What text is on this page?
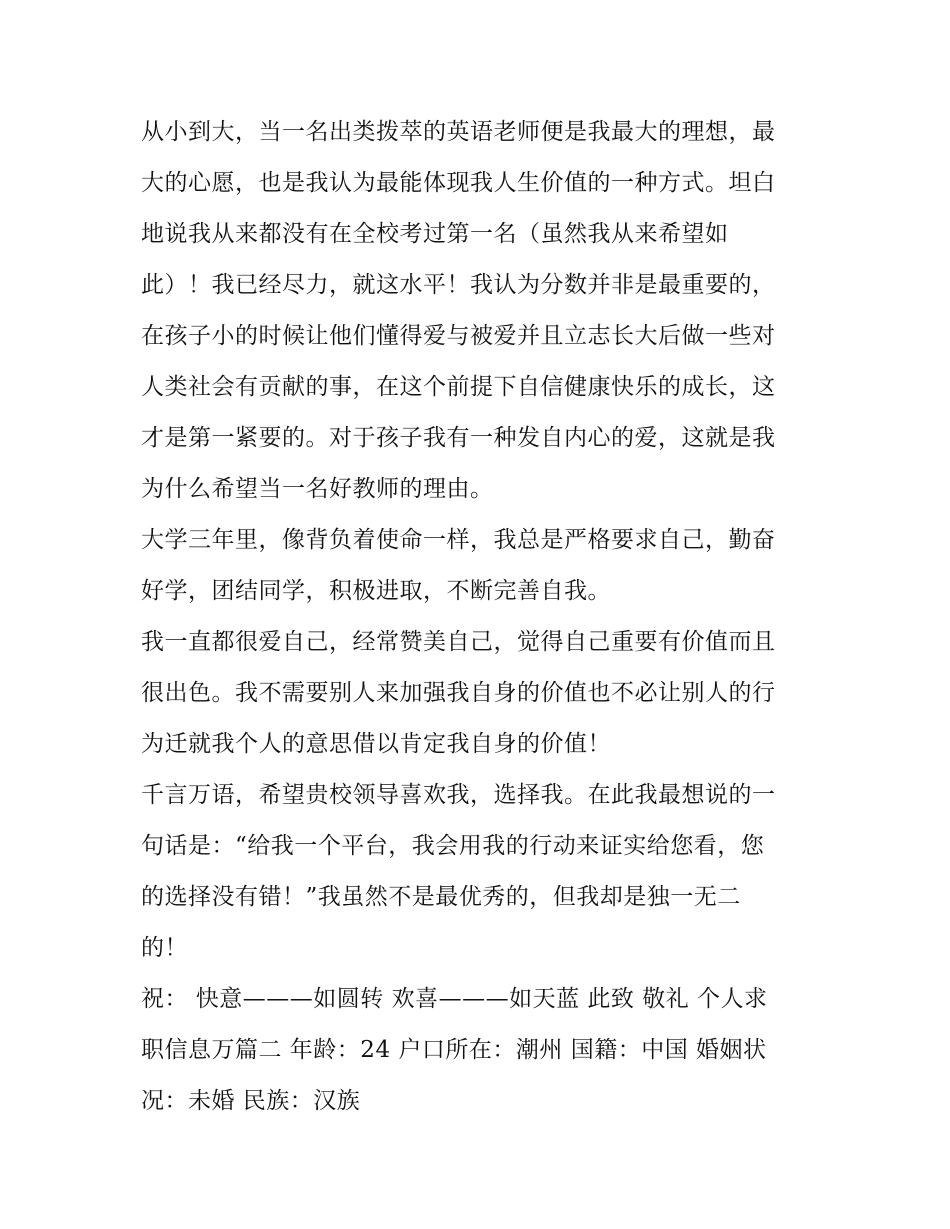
从小到大，当一名出类拨萃的英语老师便是我最大的理想，最
大的心愿，也是我认为最能体现我人生价值的一种方式。坦白
地说我从来都没有在全校考过第一名（虽然我从来希望如
此）！我已经尽力，就这水平！我认为分数并非是最重要的，
在孩子小的时候让他们懂得爱与被爱并且立志长大后做一些对
人类社会有贡献的事，在这个前提下自信健康快乐的成长，这
才是第一紧要的。对于孩子我有一种发自内心的爱，这就是我
为什么希望当一名好教师的理由。
大学三年里，像背负着使命一样，我总是严格要求自己，勤奋
好学，团结同学，积极进取，不断完善自我。
我一直都很爱自己，经常赞美自己，觉得自己重要有价值而且
很出色。我不需要别人来加强我自身的价值也不必让别人的行
为迁就我个人的意思借以肯定我自身的价值！
千言万语，希望贵校领导喜欢我，选择我。在此我最想说的一
句话是：“给我一个平台，我会用我的行动来证实给您看，您
的选择没有错！”我虽然不是最优秀的，但我却是独一无二
的！
祝： 快意———如圆转 欢喜———如天蓝 此致 敬礼 个人求
职信息万篇二 年龄：24 户口所在：潮州 国籍：中国 婚姻状
况：未婚 民族：汉族
